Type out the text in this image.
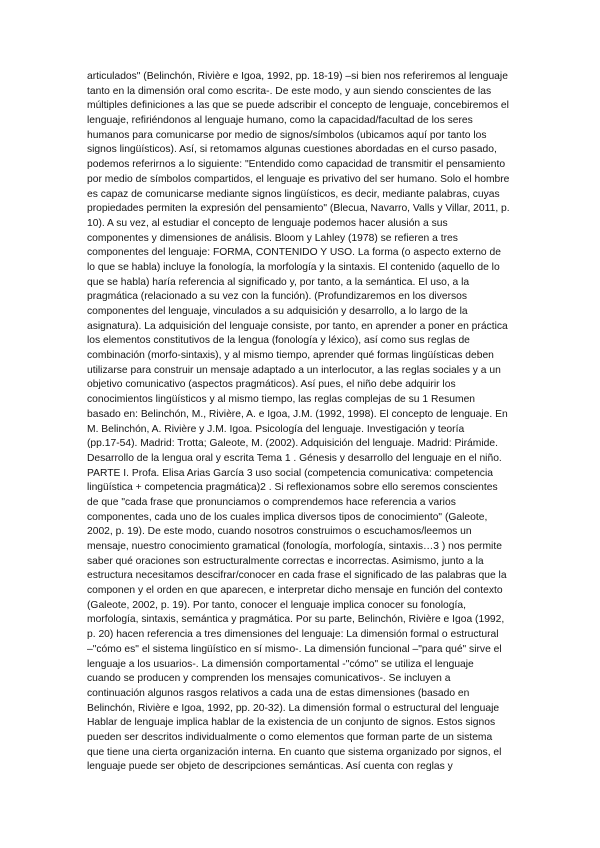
articulados" (Belinchón, Rivière e Igoa, 1992, pp. 18-19) –si bien nos referiremos al lenguaje
tanto en la dimensión oral como escrita-. De este modo, y aun siendo conscientes de las
múltiples definiciones a las que se puede adscribir el concepto de lenguaje, concebiremos el
lenguaje, refiriéndonos al lenguaje humano, como la capacidad/facultad de los seres
humanos para comunicarse por medio de signos/símbolos (ubicamos aquí por tanto los
signos lingüísticos). Así, si retomamos algunas cuestiones abordadas en el curso pasado,
podemos referirnos a lo siguiente: "Entendido como capacidad de transmitir el pensamiento
por medio de símbolos compartidos, el lenguaje es privativo del ser humano. Solo el hombre
es capaz de comunicarse mediante signos lingüísticos, es decir, mediante palabras, cuyas
propiedades permiten la expresión del pensamiento" (Blecua, Navarro, Valls y Villar, 2011, p.
10). A su vez, al estudiar el concepto de lenguaje podemos hacer alusión a sus
componentes y dimensiones de análisis. Bloom y Lahley (1978) se refieren a tres
componentes del lenguaje: FORMA, CONTENIDO Y USO. La forma (o aspecto externo de
lo que se habla) incluye la fonología, la morfología y la sintaxis. El contenido (aquello de lo
que se habla) haría referencia al significado y, por tanto, a la semántica. El uso, a la
pragmática (relacionado a su vez con la función). (Profundizaremos en los diversos
componentes del lenguaje, vinculados a su adquisición y desarrollo, a lo largo de la
asignatura). La adquisición del lenguaje consiste, por tanto, en aprender a poner en práctica
los elementos constitutivos de la lengua (fonología y léxico), así como sus reglas de
combinación (morfo-sintaxis), y al mismo tiempo, aprender qué formas lingüísticas deben
utilizarse para construir un mensaje adaptado a un interlocutor, a las reglas sociales y a un
objetivo comunicativo (aspectos pragmáticos). Así pues, el niño debe adquirir los
conocimientos lingüísticos y al mismo tiempo, las reglas complejas de su 1 Resumen
basado en: Belinchón, M., Rivière, A. e Igoa, J.M. (1992, 1998). El concepto de lenguaje. En
M. Belinchón, A. Rivière y J.M. Igoa. Psicología del lenguaje. Investigación y teoría
(pp.17-54). Madrid: Trotta; Galeote, M. (2002). Adquisición del lenguaje. Madrid: Pirámide.
Desarrollo de la lengua oral y escrita Tema 1 . Génesis y desarrollo del lenguaje en el niño.
PARTE I. Profa. Elisa Arias García 3 uso social (competencia comunicativa: competencia
lingüística + competencia pragmática)2 . Si reflexionamos sobre ello seremos conscientes
de que "cada frase que pronunciamos o comprendemos hace referencia a varios
componentes, cada uno de los cuales implica diversos tipos de conocimiento" (Galeote,
2002, p. 19). De este modo, cuando nosotros construimos o escuchamos/leemos un
mensaje, nuestro conocimiento gramatical (fonología, morfología, sintaxis…3 ) nos permite
saber qué oraciones son estructuralmente correctas e incorrectas. Asimismo, junto a la
estructura necesitamos descifrar/conocer en cada frase el significado de las palabras que la
componen y el orden en que aparecen, e interpretar dicho mensaje en función del contexto
(Galeote, 2002, p. 19). Por tanto, conocer el lenguaje implica conocer su fonología,
morfología, sintaxis, semántica y pragmática. Por su parte, Belinchón, Rivière e Igoa (1992,
p. 20) hacen referencia a tres dimensiones del lenguaje: La dimensión formal o estructural
–"cómo es" el sistema lingüístico en sí mismo-. La dimensión funcional –"para qué" sirve el
lenguaje a los usuarios-. La dimensión comportamental -"cómo" se utiliza el lenguaje
cuando se producen y comprenden los mensajes comunicativos-. Se incluyen a
continuación algunos rasgos relativos a cada una de estas dimensiones (basado en
Belinchón, Rivière e Igoa, 1992, pp. 20-32). La dimensión formal o estructural del lenguaje
Hablar de lenguaje implica hablar de la existencia de un conjunto de signos. Estos signos
pueden ser descritos individualmente o como elementos que forman parte de un sistema
que tiene una cierta organización interna. En cuanto que sistema organizado por signos, el
lenguaje puede ser objeto de descripciones semánticas. Así cuenta con reglas y
